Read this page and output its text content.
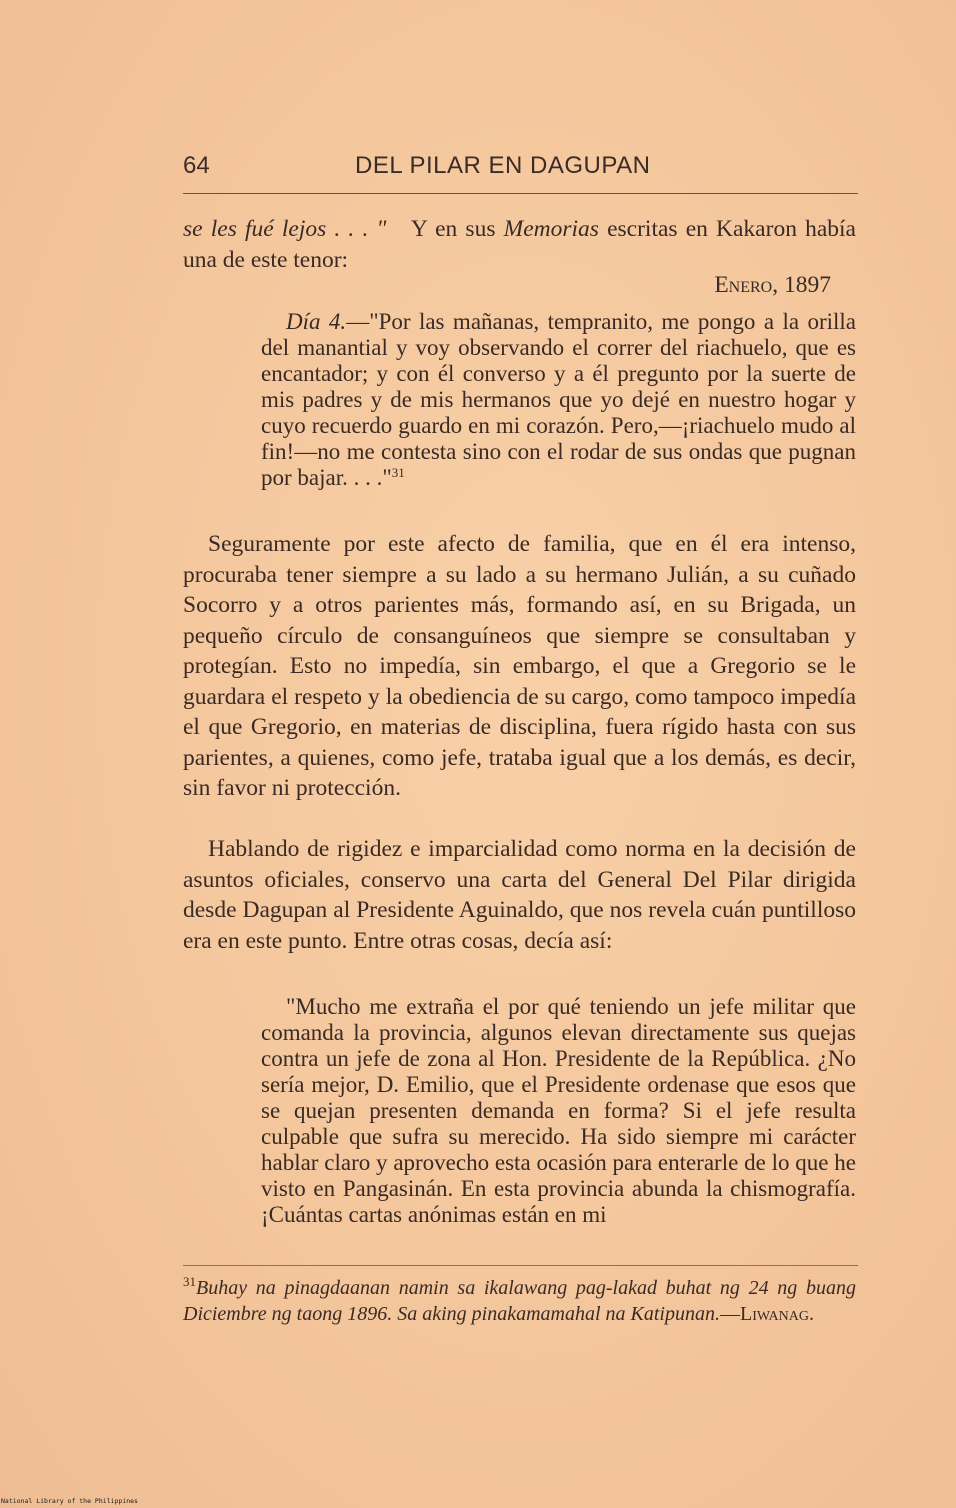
64	DEL PILAR EN DAGUPAN

se les fué lejos . . . " Y en sus Memorias escritas en Kakaron había una de este tenor:

Enero, 1897

Día 4.—"Por las mañanas, tempranito, me pongo a la orilla del manantial y voy observando el correr del riachuelo, que es encantador; y con él converso y a él pregunto por la suerte de mis padres y de mis hermanos que yo dejé en nuestro hogar y cuyo recuerdo guardo en mi corazón. Pero,—¡riachuelo mudo al fin!—no me contesta sino con el rodar de sus ondas que pugnan por bajar. . . ."$^{31}$

Seguramente por este afecto de familia, que en él era intenso, procuraba tener siempre a su lado a su hermano Julián, a su cuñado Socorro y a otros parientes más, formando así, en su Brigada, un pequeño círculo de consanguíneos que siempre se consultaban y protegían. Esto no impedía, sin embargo, el que a Gregorio se le guardara el respeto y la obediencia de su cargo, como tampoco impedía el que Gregorio, en materias de disciplina, fuera rígido hasta con sus parientes, a quienes, como jefe, trataba igual que a los demás, es decir, sin favor ni protección.

Hablando de rigidez e imparcialidad como norma en la decisión de asuntos oficiales, conservo una carta del General Del Pilar dirigida desde Dagupan al Presidente Aguinaldo, que nos revela cuán puntilloso era en este punto. Entre otras cosas, decía así:

"Mucho me extraña el por qué teniendo un jefe militar que comanda la provincia, algunos elevan directamente sus quejas contra un jefe de zona al Hon. Presidente de la República. ¿No sería mejor, D. Emilio, que el Presidente ordenase que esos que se quejan presenten demanda en forma? Si el jefe resulta culpable que sufra su merecido. Ha sido siempre mi carácter hablar claro y aprovecho esta ocasión para enterarle de lo que he visto en Pangasinán. En esta provincia abunda la chismografía. ¡Cuántas cartas anónimas están en mi

$^{31}$Buhay na pinagdaanan namin sa ikalawang pag-lakad buhat ng 24 ng buang Diciembre ng taong 1896. Sa aking pinakamamahal na Katipunan.—Liwanag.
National Library of the Philippines
